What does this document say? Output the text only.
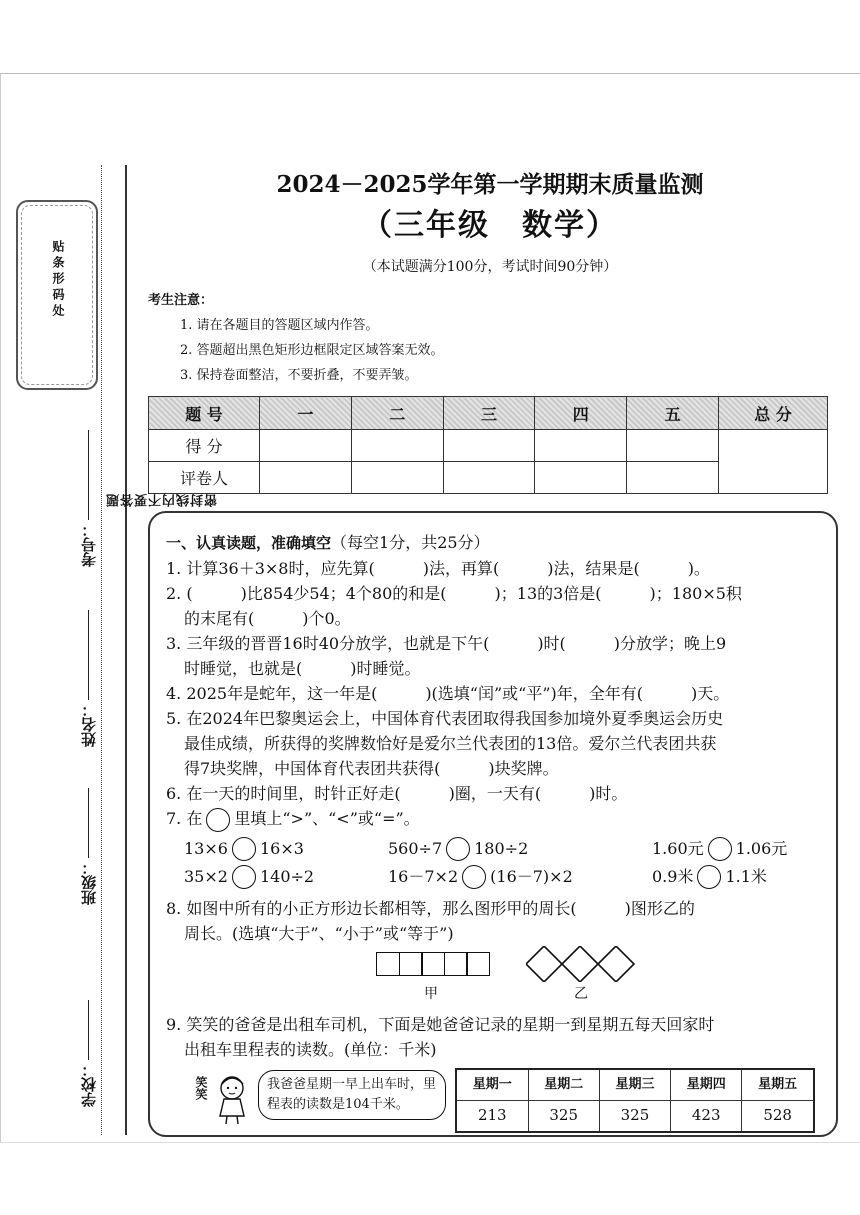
贴条形码处
学校：
班级：
姓名：
考号：
题 答 要 不 内 线 封 密
2024－2025学年第一学期期末质量监测
（三年级　数学）
（本试题满分100分，考试时间90分钟）
考生注意：
1. 请在各题目的答题区域内作答。
2. 答题超出黑色矩形边框限定区域答案无效。
3. 保持卷面整洁，不要折叠，不要弄皱。
题 号	一	二	三	四	五	总 分
得 分						
评卷人						

一、认真读题，准确填空（每空1分，共25分）

1. 计算36＋3×8时，应先算(　　　)法，再算(　　　)法，结果是(　　　)。

2. (　　　)比854少54；4个80的和是(　　　)；13的3倍是(　　　)；180×5积

的末尾有(　　　)个0。

3. 三年级的晋晋16时40分放学，也就是下午(　　　)时(　　　)分放学；晚上9

时睡觉，也就是(　　　)时睡觉。

4. 2025年是蛇年，这一年是(　　　)(选填“闰”或“平”)年，全年有(　　　)天。

5. 在2024年巴黎奥运会上，中国体育代表团取得我国参加境外夏季奥运会历史

最佳成绩，所获得的奖牌数恰好是爱尔兰代表团的13倍。爱尔兰代表团共获

得7块奖牌，中国体育代表团共获得(　　　)块奖牌。

6. 在一天的时间里，时针正好走(　　　)圈，一天有(　　　)时。

7. 在 里填上“>”、“<”或“=”。

13×6 16×3	560÷7 180÷2	1.60元 1.06元
35×2 140÷2	16－7×2 (16－7)×2	0.9米 1.1米

8. 如图中所有的小正方形边长都相等，那么图形甲的周长(　　　)图形乙的

周长。(选填“大于”、“小于”或“等于”)

甲	乙

9. 笑笑的爸爸是出租车司机，下面是她爸爸记录的星期一到星期五每天回家时

出租车里程表的读数。(单位：千米)

笑笑	我爸爸星期一早上出车时，里程表的读数是104千米。
星期一	星期二	星期三	星期四	星期五
213	325	325	423	528
